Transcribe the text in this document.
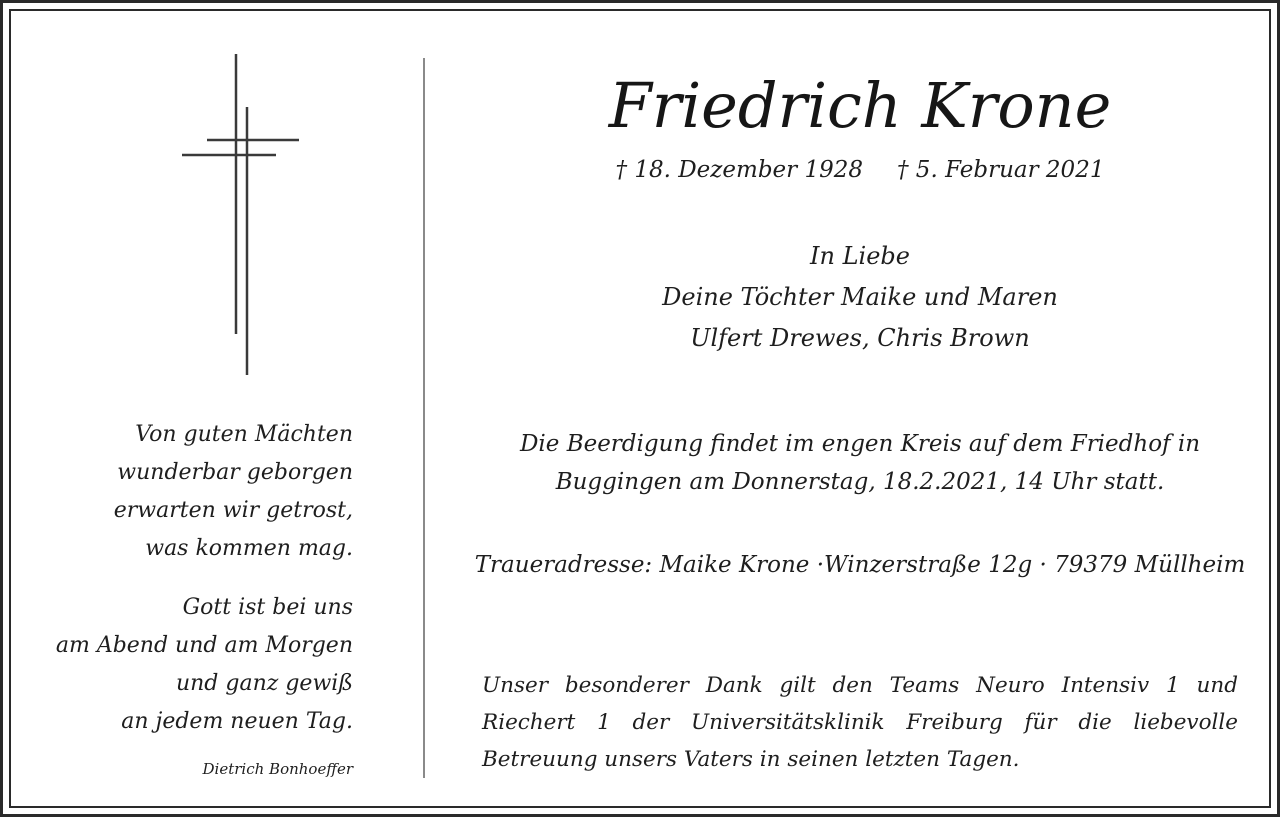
Von guten Mächten

wunderbar geborgen

erwarten wir getrost,

was kommen mag.

Gott ist bei uns

am Abend und am Morgen

und ganz gewiß

an jedem neuen Tag.

Dietrich Bonhoeffer
Friedrich Krone
† 18. Dezember 1928 † 5. Februar 2021
In Liebe
Deine Töchter Maike und Maren
Ulfert Drewes, Chris Brown
Die Beerdigung findet im engen Kreis auf dem Friedhof in
Buggingen am Donnerstag, 18.2.2021, 14 Uhr statt.
Traueradresse: Maike Krone ·Winzerstraße 12g · 79379 Müllheim

Unser besonderer Dank gilt den Teams Neuro Intensiv 1 und Riechert 1 der Universitätsklinik Freiburg für die liebevolle Betreuung unsers Vaters in seinen letzten Tagen.
